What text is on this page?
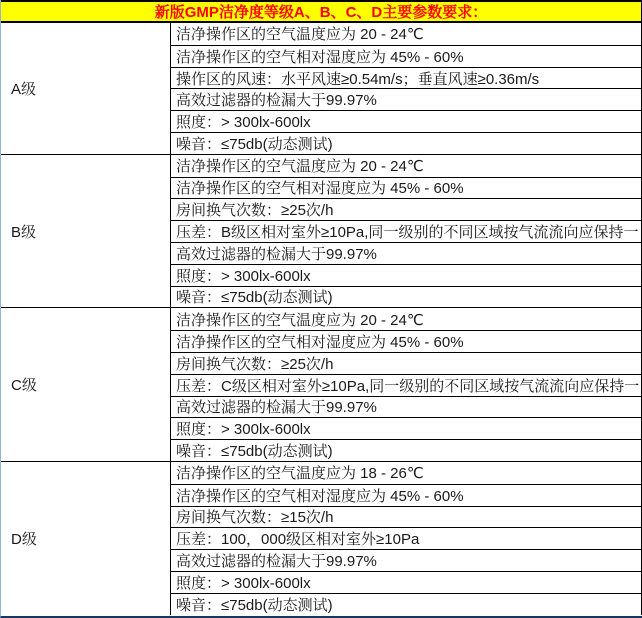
新版GMP洁净度等级A、B、C、D主要参数要求：
A级
洁净操作区的空气温度应为 20 - 24℃
洁净操作区的空气相对湿度应为 45% - 60%
操作区的风速：水平风速≥0.54m/s；垂直风速≥0.36m/s
高效过滤器的检漏大于99.97%
照度：> 300lx-600lx
噪音：≤75db(动态测试)
B级
洁净操作区的空气温度应为 20 - 24℃
洁净操作区的空气相对湿度应为 45% - 60%
房间换气次数：≥25次/h
压差：B级区相对室外≥10Pa,同一级别的不同区域按气流流向应保持一
高效过滤器的检漏大于99.97%
照度：> 300lx-600lx
噪音：≤75db(动态测试)
C级
洁净操作区的空气温度应为 20 - 24℃
洁净操作区的空气相对湿度应为 45% - 60%
房间换气次数：≥25次/h
压差：C级区相对室外≥10Pa,同一级别的不同区域按气流流向应保持一
高效过滤器的检漏大于99.97%
照度：> 300lx-600lx
噪音：≤75db(动态测试)
D级
洁净操作区的空气温度应为 18 - 26℃
洁净操作区的空气相对湿度应为 45% - 60%
房间换气次数：≥15次/h
压差：100，000级区相对室外≥10Pa
高效过滤器的检漏大于99.97%
照度：> 300lx-600lx
噪音：≤75db(动态测试)
